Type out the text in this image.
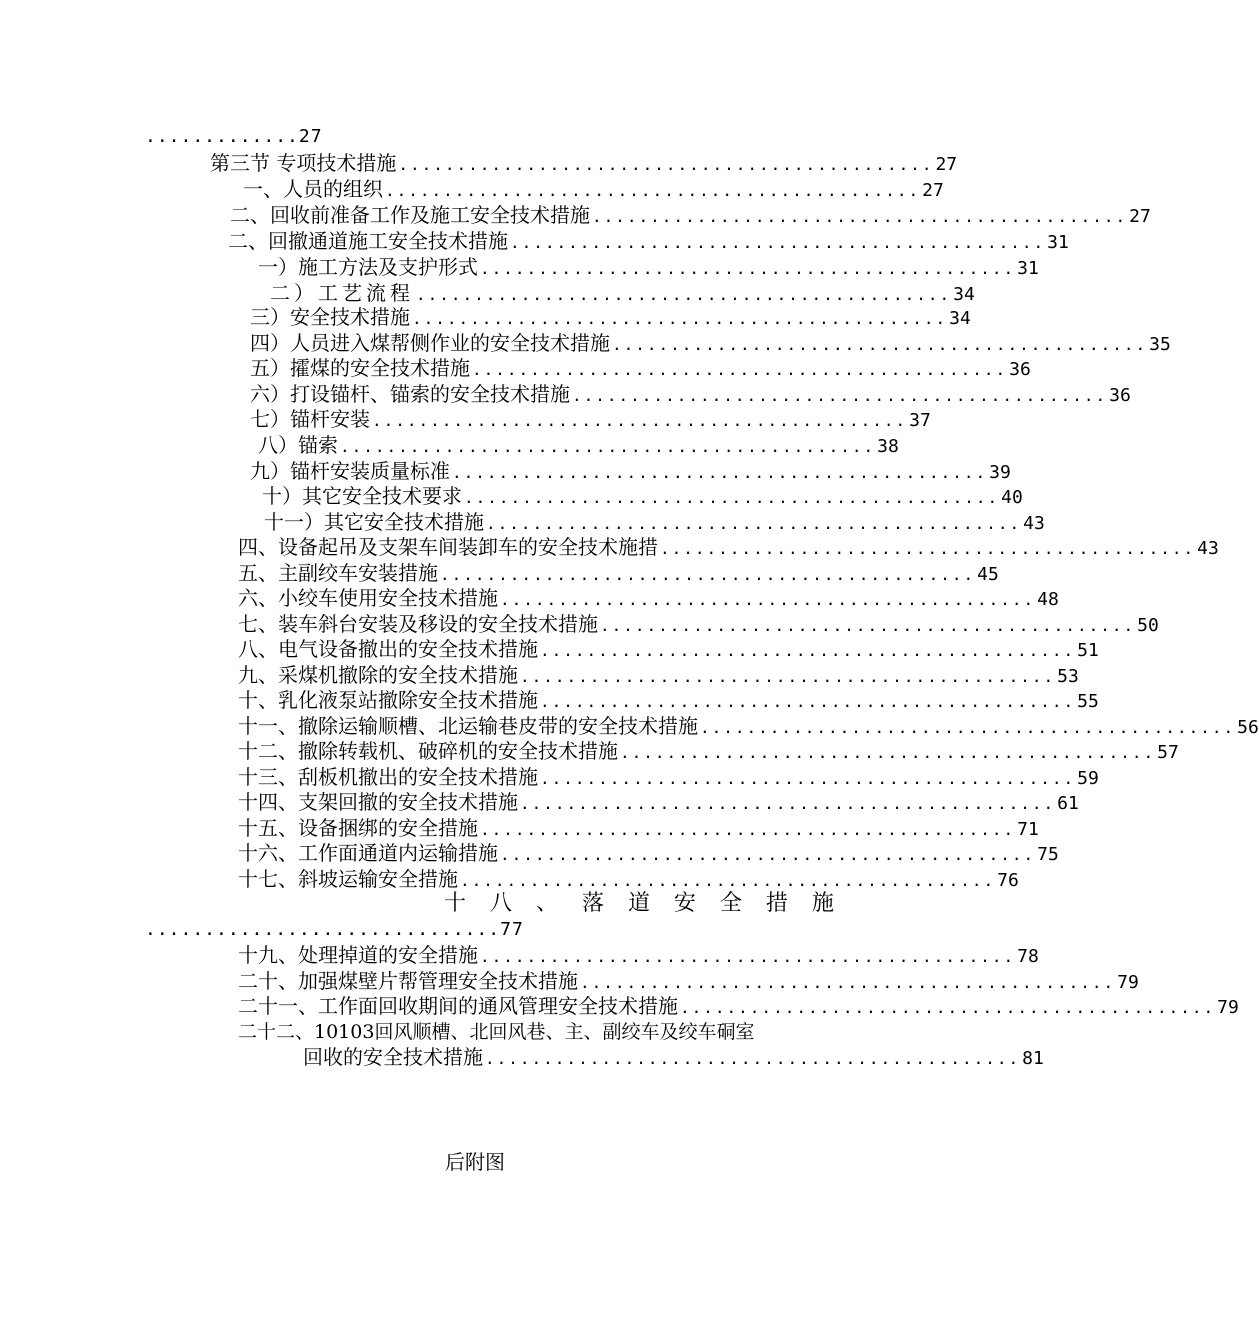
.............27
第三节 专项技术措施 .............................................. 27
一、人员的组织 .............................................. 27
二、回收前准备工作及施工安全技术措施 .............................................. 27
二、回撤通道施工安全技术措施 .............................................. 31
一）施工方法及支护形式 .............................................. 31
二）工艺流程 .............................................. 34
三）安全技术措施 .............................................. 34
四）人员进入煤帮侧作业的安全技术措施 .............................................. 35
五）攉煤的安全技术措施 .............................................. 36
六）打设锚杆、锚索的安全技术措施 .............................................. 36
七）锚杆安装 .............................................. 37
八）锚索 .............................................. 38
九）锚杆安装质量标准 .............................................. 39
十）其它安全技术要求 .............................................. 40
十一）其它安全技术措施 .............................................. 43
四、设备起吊及支架车间装卸车的安全技术施措 .............................................. 43
五、主副绞车安装措施 .............................................. 45
六、小绞车使用安全技术措施 .............................................. 48
七、装车斜台安装及移设的安全技术措施 .............................................. 50
八、电气设备撤出的安全技术措施 .............................................. 51
九、采煤机撤除的安全技术措施 .............................................. 53
十、乳化液泵站撤除安全技术措施 .............................................. 55
十一、撤除运输顺槽、北运输巷皮带的安全技术措施 .............................................. 56
十二、撤除转载机、破碎机的安全技术措施 .............................................. 57
十三、刮板机撤出的安全技术措施 .............................................. 59
十四、支架回撤的安全技术措施 .............................................. 61
十五、设备捆绑的安全措施 .............................................. 71
十六、工作面通道内运输措施 .............................................. 75
十七、斜坡运输安全措施 .............................................. 76
十 八 、 落 道 安 全 措 施
..............................77
十九、处理掉道的安全措施 .............................................. 78
二十、加强煤壁片帮管理安全技术措施 .............................................. 79
二十一、工作面回收期间的通风管理安全技术措施 .............................................. 79
二十二、10103回风顺槽、北回风巷、主、副绞车及绞车硐室
回收的安全技术措施 .............................................. 81
后附图
